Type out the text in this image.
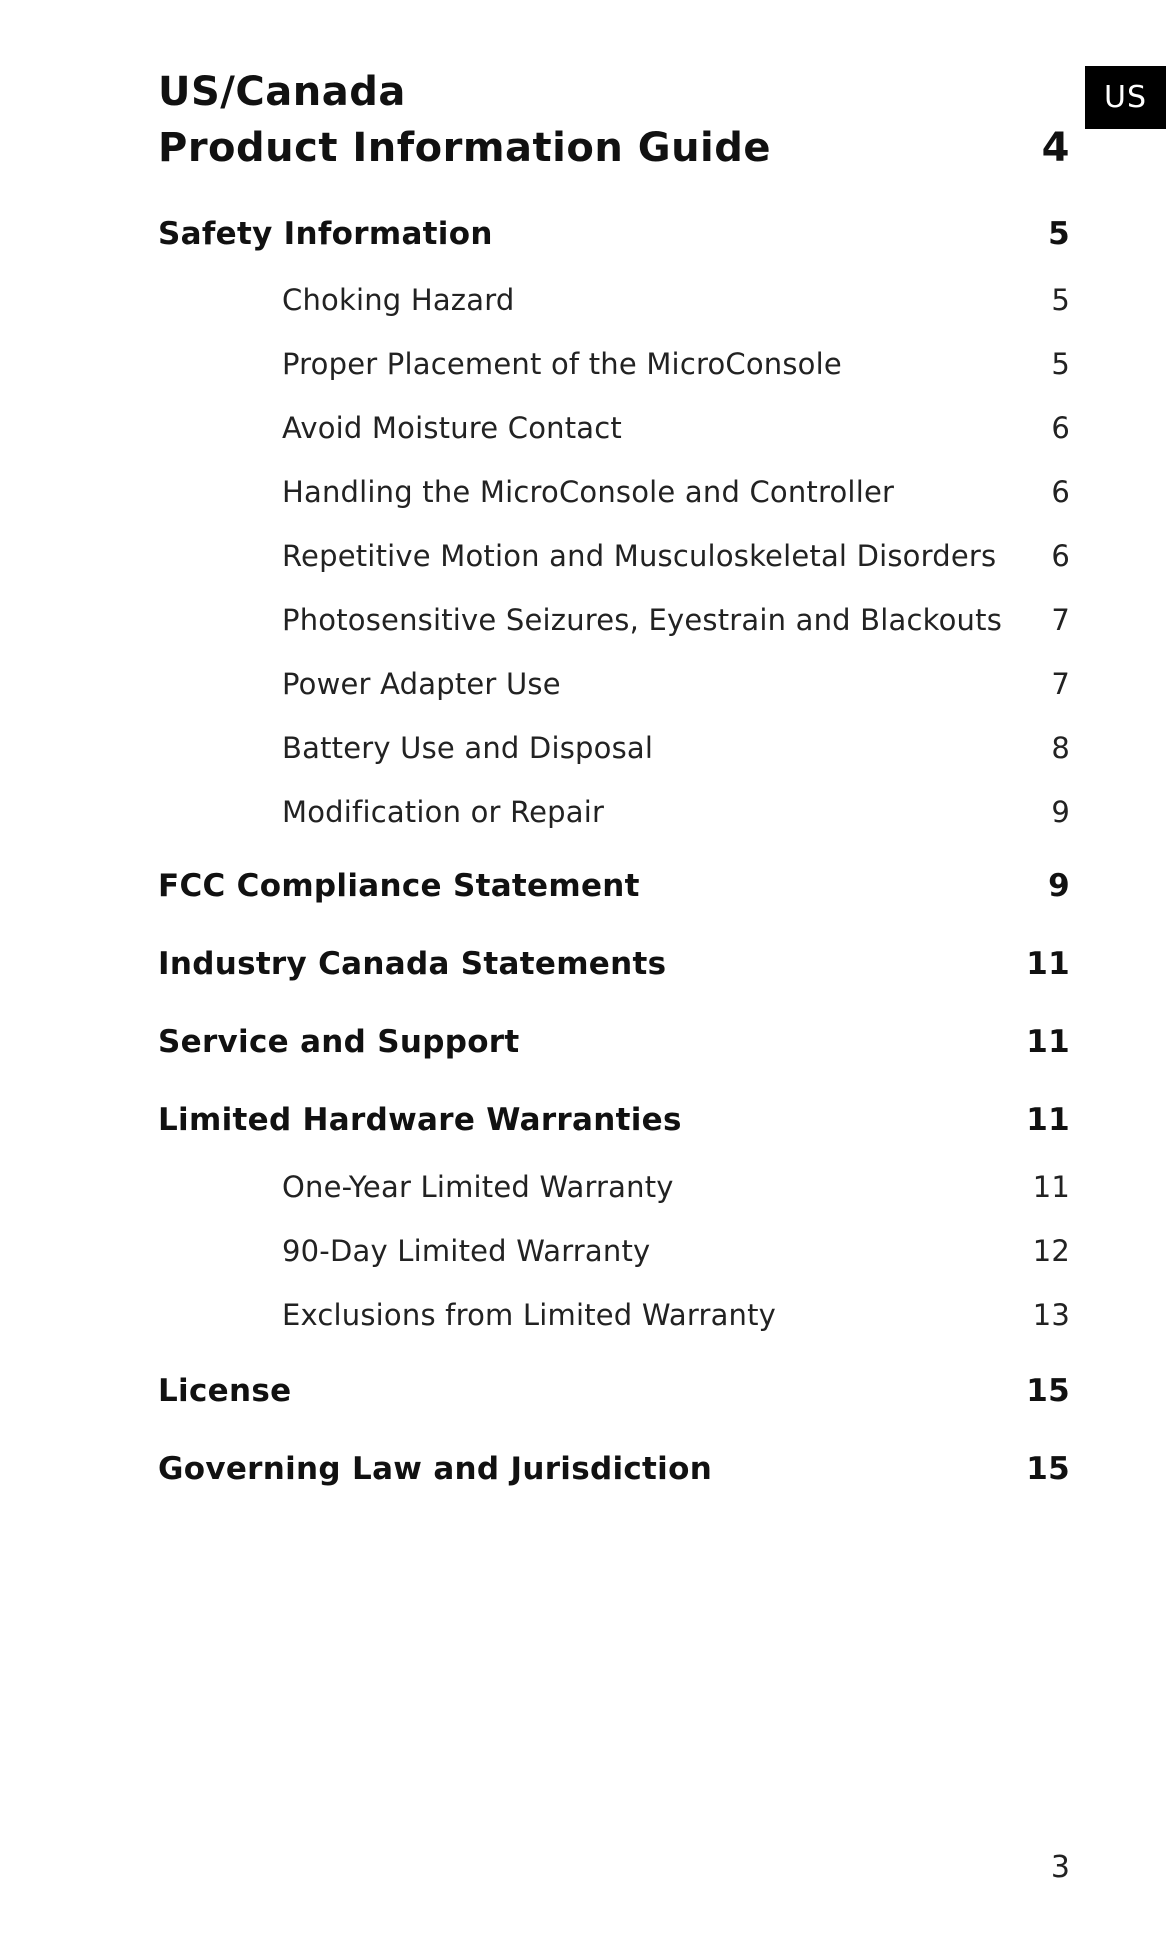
US
US/Canada
Product Information Guide	4
Safety Information	5
Choking Hazard	5
Proper Placement of the MicroConsole	5
Avoid Moisture Contact	6
Handling the MicroConsole and Controller	6
Repetitive Motion and Musculoskeletal Disorders	6
Photosensitive Seizures, Eyestrain and Blackouts	7
Power Adapter Use	7
Battery Use and Disposal	8
Modification or Repair	9
FCC Compliance Statement	9
Industry Canada Statements	11
Service and Support	11
Limited Hardware Warranties	11
One-Year Limited Warranty	11
90-Day Limited Warranty	12
Exclusions from Limited Warranty	13
License	15
Governing Law and Jurisdiction	15
3
